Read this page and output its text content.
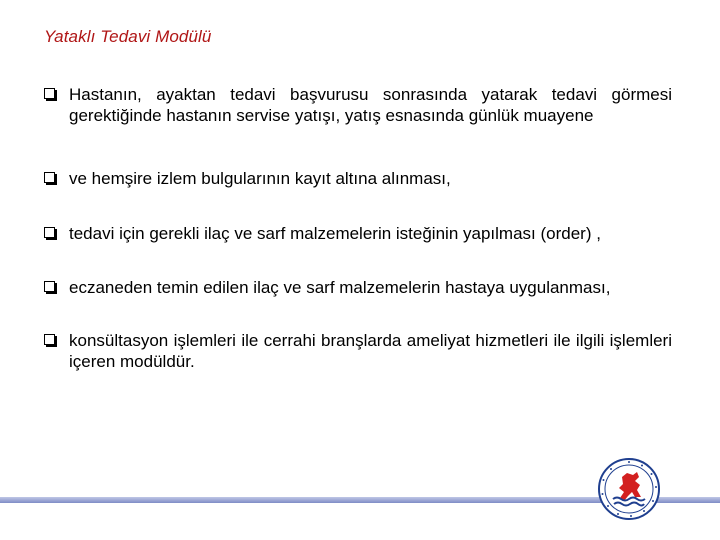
Yataklı Tedavi Modülü
Hastanın, ayaktan tedavi başvurusu sonrasında yatarak tedavi görmesi gerektiğinde hastanın servise yatışı, yatış esnasında günlük muayene
ve hemşire izlem bulgularının kayıt altına alınması,
tedavi için gerekli ilaç ve sarf malzemelerin isteğinin yapılması (order) ,
eczaneden temin edilen ilaç ve sarf malzemelerin hastaya uygulanması,
konsültasyon işlemleri ile cerrahi branşlarda ameliyat hizmetleri ile ilgili işlemleri içeren modüldür.
